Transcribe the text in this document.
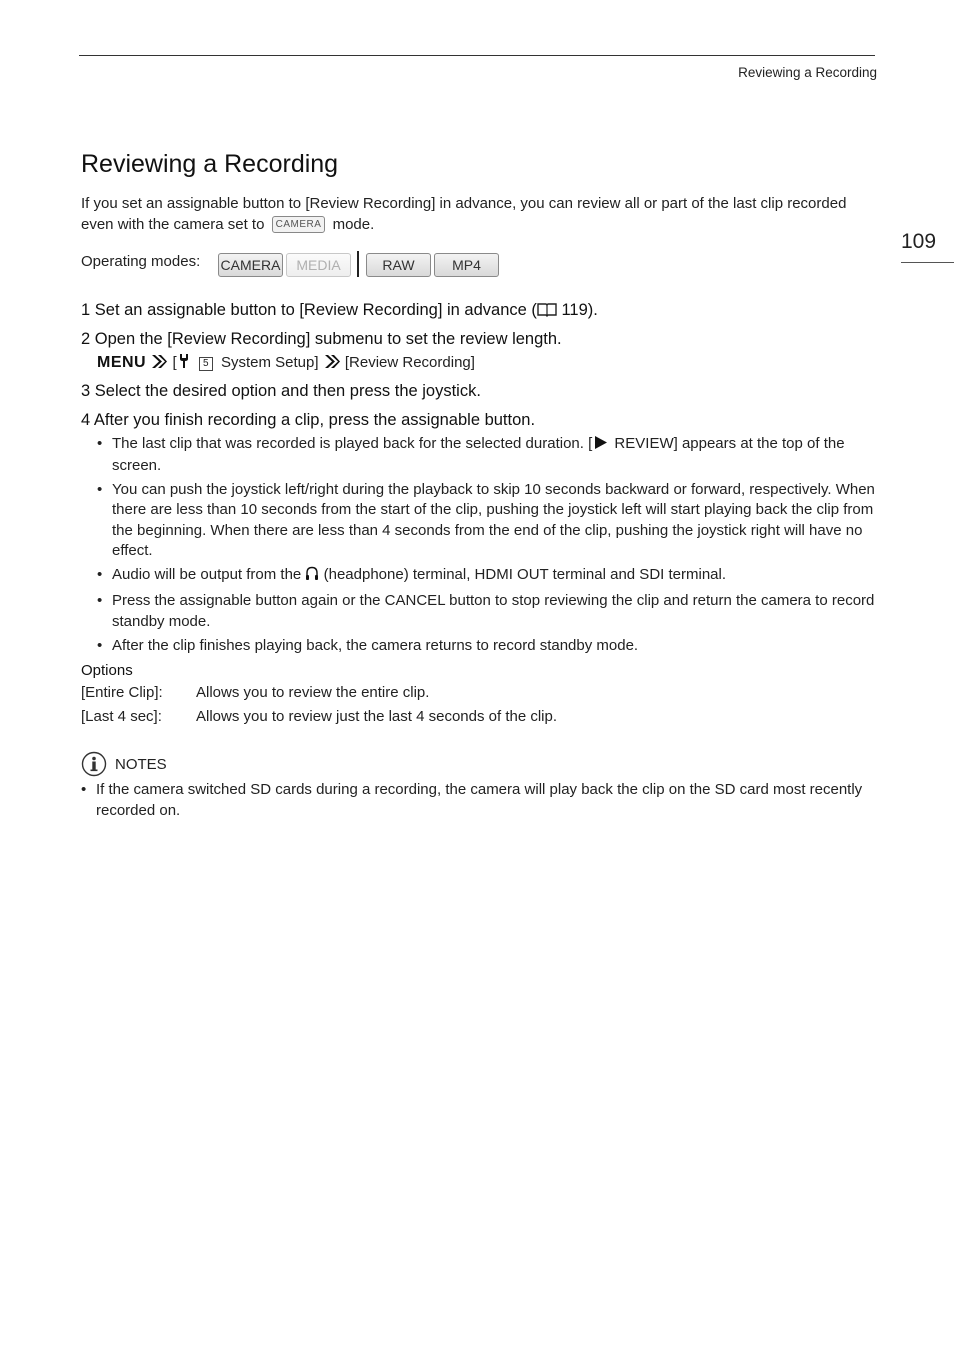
Reviewing a Recording
109
Reviewing a Recording
If you set an assignable button to [Review Recording] in advance, you can review all or part of the last clip recorded even with the camera set to CAMERA mode.
Operating modes: CAMERA	MEDIA	RAW	MP4
1 Set an assignable button to [Review Recording] in advance ( 119).
2 Open the [Review Recording] submenu to set the review length.
MENU [	5 System Setup] [Review Recording]
3 Select the desired option and then press the joystick.
4 After you finish recording a clip, press the assignable button.
• The last clip that was recorded is played back for the selected duration. [ REVIEW] appears at the top of the screen.
• You can push the joystick left/right during the playback to skip 10 seconds backward or forward, respectively. When there are less than 10 seconds from the start of the clip, pushing the joystick left will start playing back the clip from the beginning. When there are less than 4 seconds from the end of the clip, pushing the joystick right will have no effect.
• Audio will be output from the  (headphone) terminal, HDMI OUT terminal and SDI terminal.
• Press the assignable button again or the CANCEL button to stop reviewing the clip and return the camera to record standby mode.
• After the clip finishes playing back, the camera returns to record standby mode.
Options
[Entire Clip]: Allows you to review the entire clip.
[Last 4 sec]: Allows you to review just the last 4 seconds of the clip.
NOTES
• If the camera switched SD cards during a recording, the camera will play back the clip on the SD card most recently recorded on.
